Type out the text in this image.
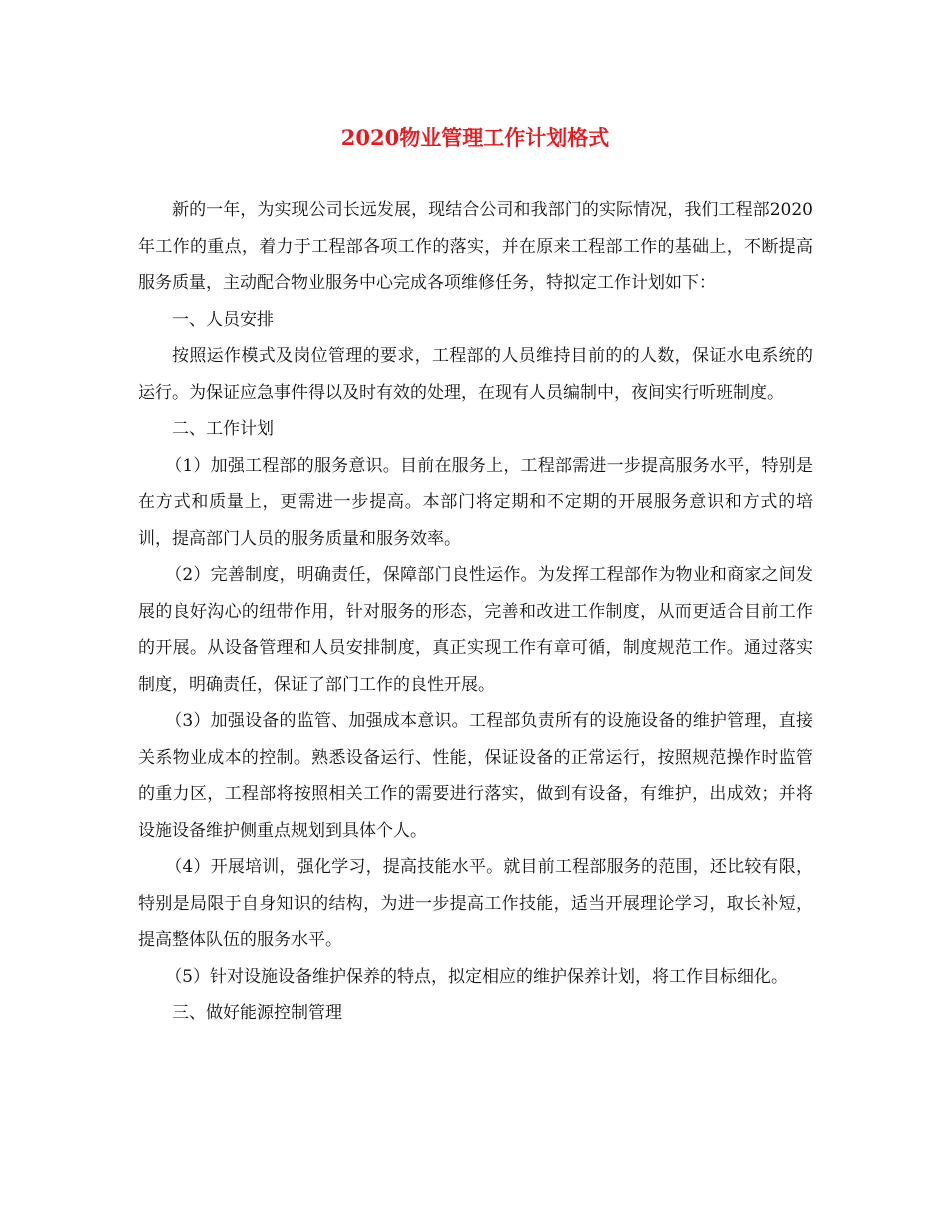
2020物业管理工作计划格式

新的一年，为实现公司长远发展，现结合公司和我部门的实际情况，我们工程部2020年工作的重点，着力于工程部各项工作的落实，并在原来工程部工作的基础上，不断提高服务质量，主动配合物业服务中心完成各项维修任务，特拟定工作计划如下：

一、人员安排

按照运作模式及岗位管理的要求，工程部的人员维持目前的的人数，保证水电系统的运行。为保证应急事件得以及时有效的处理，在现有人员编制中，夜间实行听班制度。

二、工作计划

（1）加强工程部的服务意识。目前在服务上，工程部需进一步提高服务水平，特别是在方式和质量上，更需进一步提高。本部门将定期和不定期的开展服务意识和方式的培训，提高部门人员的服务质量和服务效率。

（2）完善制度，明确责任，保障部门良性运作。为发挥工程部作为物业和商家之间发展的良好沟心的纽带作用，针对服务的形态，完善和改进工作制度，从而更适合目前工作的开展。从设备管理和人员安排制度，真正实现工作有章可循，制度规范工作。通过落实制度，明确责任，保证了部门工作的良性开展。

（3）加强设备的监管、加强成本意识。工程部负责所有的设施设备的维护管理，直接关系物业成本的控制。熟悉设备运行、性能，保证设备的正常运行，按照规范操作时监管的重力区，工程部将按照相关工作的需要进行落实，做到有设备，有维护，出成效；并将设施设备维护侧重点规划到具体个人。

（4）开展培训，强化学习，提高技能水平。就目前工程部服务的范围，还比较有限，特别是局限于自身知识的结构，为进一步提高工作技能，适当开展理论学习，取长补短，提高整体队伍的服务水平。

（5）针对设施设备维护保养的特点，拟定相应的维护保养计划，将工作目标细化。

三、做好能源控制管理
